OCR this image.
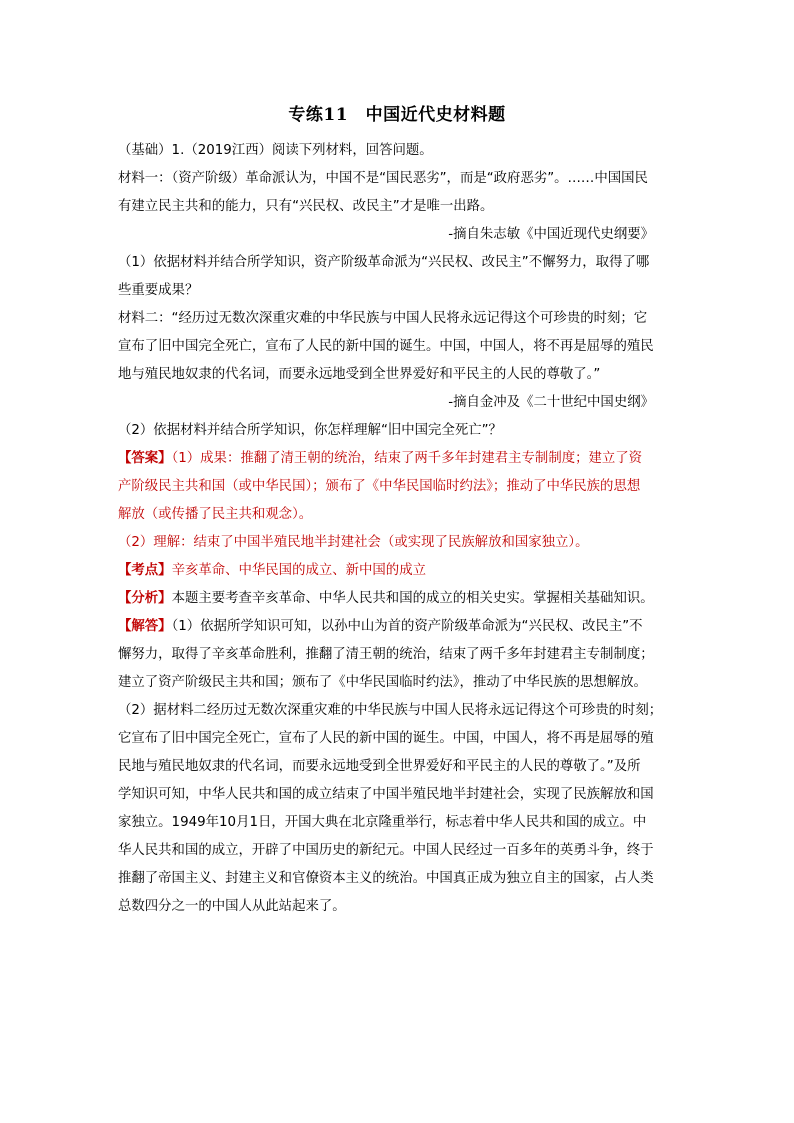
专练11　中国近代史材料题

（基础）1.（2019江西）阅读下列材料，回答问题。

材料一：（资产阶级）革命派认为，中国不是“国民恶劣”，而是“政府恶劣”。……中国国民

有建立民主共和的能力，只有“兴民权、改民主”才是唯一出路。

-摘自朱志敏《中国近现代史纲要》

（1）依据材料并结合所学知识，资产阶级革命派为“兴民权、改民主”不懈努力，取得了哪

些重要成果？

材料二：“经历过无数次深重灾难的中华民族与中国人民将永远记得这个可珍贵的时刻；它

宣布了旧中国完全死亡，宣布了人民的新中国的诞生。中国，中国人，将不再是屈辱的殖民

地与殖民地奴隶的代名词，而要永远地受到全世界爱好和平民主的人民的尊敬了。”

-摘自金冲及《二十世纪中国史纲》

（2）依据材料并结合所学知识，你怎样理解“旧中国完全死亡”？

【答案】（1）成果：推翻了清王朝的统治，结束了两千多年封建君主专制制度；建立了资

产阶级民主共和国（或中华民国）；颁布了《中华民国临时约法》；推动了中华民族的思想

解放（或传播了民主共和观念）。

（2）理解：结束了中国半殖民地半封建社会（或实现了民族解放和国家独立）。

【考点】辛亥革命、中华民国的成立、新中国的成立

【分析】本题主要考查辛亥革命、中华人民共和国的成立的相关史实。掌握相关基础知识。

【解答】（1）依据所学知识可知，以孙中山为首的资产阶级革命派为“兴民权、改民主”不

懈努力，取得了辛亥革命胜利，推翻了清王朝的统治，结束了两千多年封建君主专制制度；

建立了资产阶级民主共和国；颁布了《中华民国临时约法》，推动了中华民族的思想解放。

（2）据材料二经历过无数次深重灾难的中华民族与中国人民将永远记得这个可珍贵的时刻；

它宣布了旧中国完全死亡，宣布了人民的新中国的诞生。中国，中国人，将不再是屈辱的殖

民地与殖民地奴隶的代名词，而要永远地受到全世界爱好和平民主的人民的尊敬了。”及所

学知识可知，中华人民共和国的成立结束了中国半殖民地半封建社会，实现了民族解放和国

家独立。1949年10月1日，开国大典在北京隆重举行，标志着中华人民共和国的成立。中

华人民共和国的成立，开辟了中国历史的新纪元。中国人民经过一百多年的英勇斗争，终于

推翻了帝国主义、封建主义和官僚资本主义的统治。中国真正成为独立自主的国家，占人类

总数四分之一的中国人从此站起来了。
